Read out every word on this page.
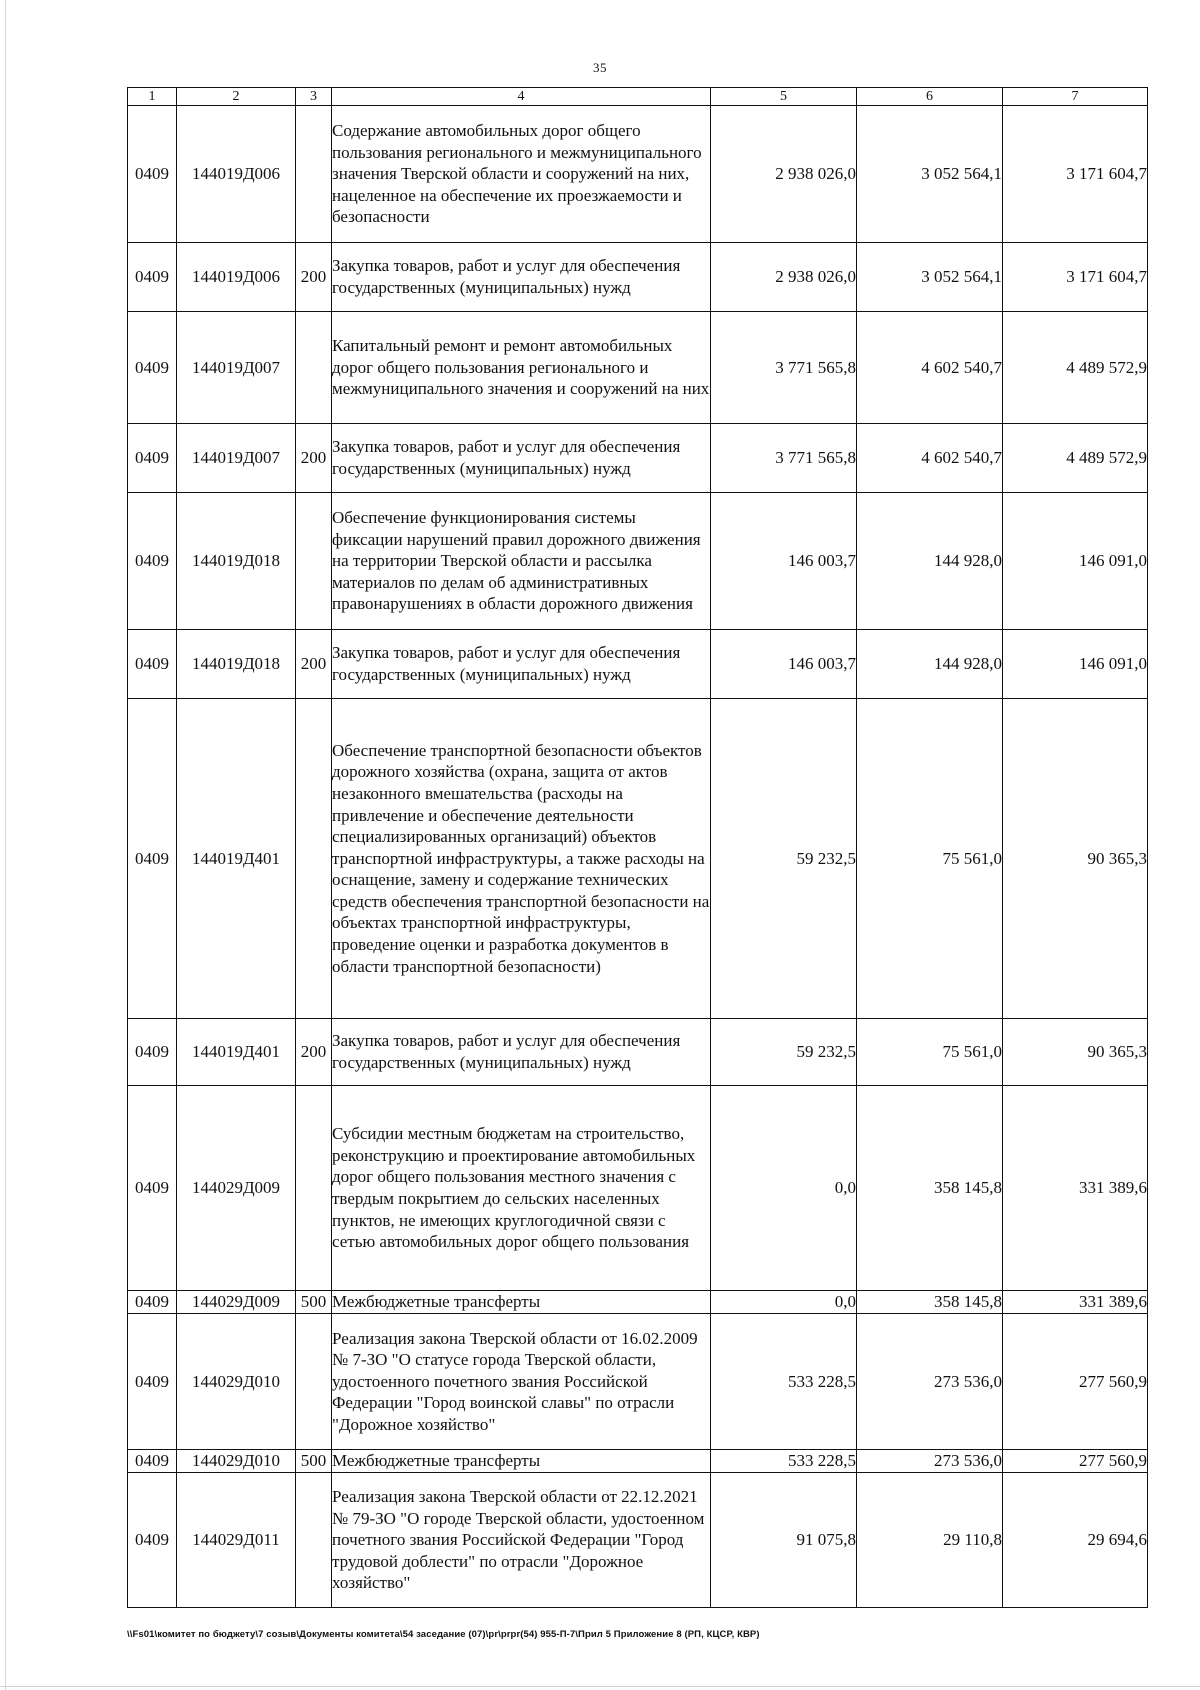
35
1	2	3	4	5	6	7
0409	144019Д006		Содержание автомобильных дорог общего пользования регионального и межмуниципального значения Тверской области и сооружений на них, нацеленное на обеспечение их проезжаемости и безопасности	2 938 026,0	3 052 564,1	3 171 604,7
0409	144019Д006	200	Закупка товаров, работ и услуг для обеспечения государственных (муниципальных) нужд	2 938 026,0	3 052 564,1	3 171 604,7
0409	144019Д007		Капитальный ремонт и ремонт автомобильных дорог общего пользования регионального и межмуниципального значения и сооружений на них	3 771 565,8	4 602 540,7	4 489 572,9
0409	144019Д007	200	Закупка товаров, работ и услуг для обеспечения государственных (муниципальных) нужд	3 771 565,8	4 602 540,7	4 489 572,9
0409	144019Д018		Обеспечение функционирования системы фиксации нарушений правил дорожного движения на территории Тверской области и рассылка материалов по делам об административных правонарушениях в области дорожного движения	146 003,7	144 928,0	146 091,0
0409	144019Д018	200	Закупка товаров, работ и услуг для обеспечения государственных (муниципальных) нужд	146 003,7	144 928,0	146 091,0
0409	144019Д401		Обеспечение транспортной безопасности объектов дорожного хозяйства (охрана, защита от актов незаконного вмешательства (расходы на привлечение и обеспечение деятельности специализированных организаций) объектов транспортной инфраструктуры, а также расходы на оснащение, замену и содержание технических средств обеспечения транспортной безопасности на объектах транспортной инфраструктуры, проведение оценки и разработка документов в области транспортной безопасности)	59 232,5	75 561,0	90 365,3
0409	144019Д401	200	Закупка товаров, работ и услуг для обеспечения государственных (муниципальных) нужд	59 232,5	75 561,0	90 365,3
0409	144029Д009		Субсидии местным бюджетам на строительство, реконструкцию и проектирование автомобильных дорог общего пользования местного значения с твердым покрытием до сельских населенных пунктов, не имеющих круглогодичной связи с сетью автомобильных дорог общего пользования	0,0	358 145,8	331 389,6
0409	144029Д009	500	Межбюджетные трансферты	0,0	358 145,8	331 389,6
0409	144029Д010		Реализация закона Тверской области от 16.02.2009 № 7-ЗО "О статусе города Тверской области, удостоенного почетного звания Российской Федерации "Город воинской славы" по отрасли "Дорожное хозяйство"	533 228,5	273 536,0	277 560,9
0409	144029Д010	500	Межбюджетные трансферты	533 228,5	273 536,0	277 560,9
0409	144029Д011		Реализация закона Тверской области от 22.12.2021 № 79-ЗО "О городе Тверской области, удостоенном почетного звания Российской Федерации "Город трудовой доблести" по отрасли "Дорожное хозяйство"	91 075,8	29 110,8	29 694,6
\\Fs01\комитет по бюджету\7 созыв\Документы комитета\54 заседание (07)\pr\prpr(54) 955-П-7\Прил 5 Приложение 8 (РП, КЦСР, КВР)
